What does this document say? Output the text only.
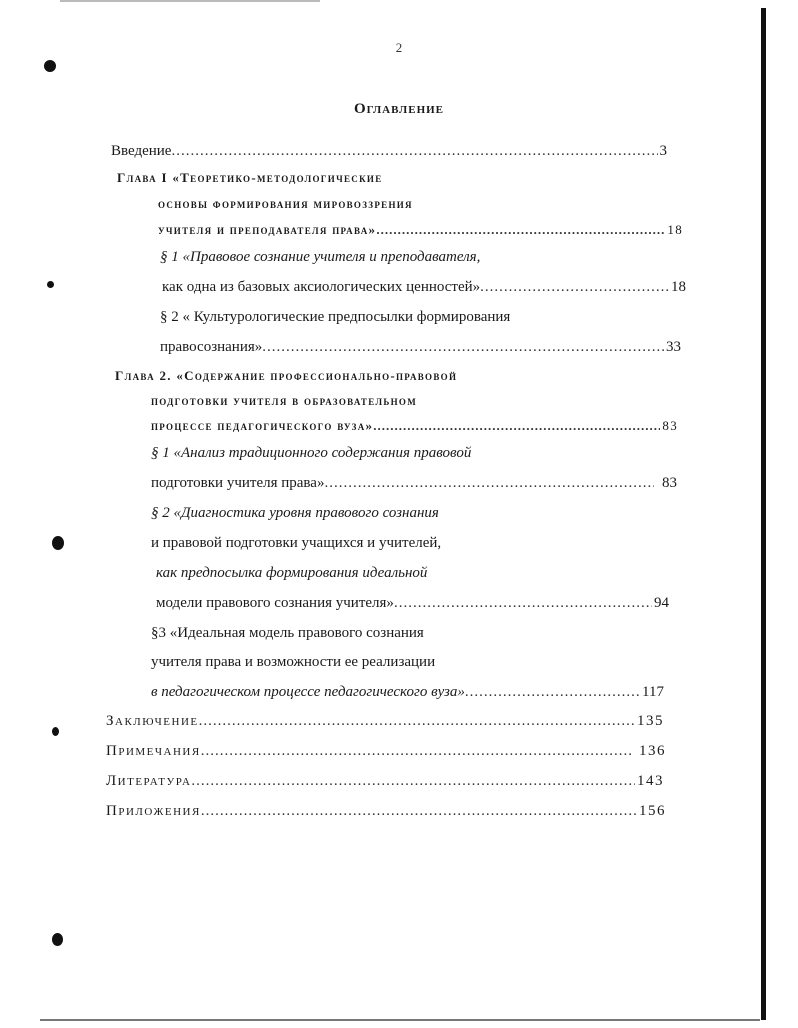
2
Оглавление
Введение .....	3
Глава I «Теоретико-методологические
основы формирования мировоззрения
учителя и преподавателя права» .....	18
§ 1 «Правовое сознание учителя и преподавателя,
как одна из базовых аксиологических ценностей» .....	18
§ 2 « Культурологические предпосылки формирования
правосознания» .....	33
Глава 2. «Содержание профессионально-правовой
подготовки учителя в образовательном
процессе педагогического вуза» .....	83
§ 1 «Анализ традиционного содержания правовой
подготовки учителя права» .....	83
§ 2 «Диагностика уровня правового сознания
и правовой подготовки учащихся и учителей,
как предпосылка формирования идеальной
модели правового сознания учителя» .....	94
§3 «Идеальная модель правового сознания
учителя права и возможности ее реализации
в педагогическом процессе педагогического вуза» .....	117
Заключение .....	135
Примечания .....	136
Литература .....	143
Приложения .....	156
